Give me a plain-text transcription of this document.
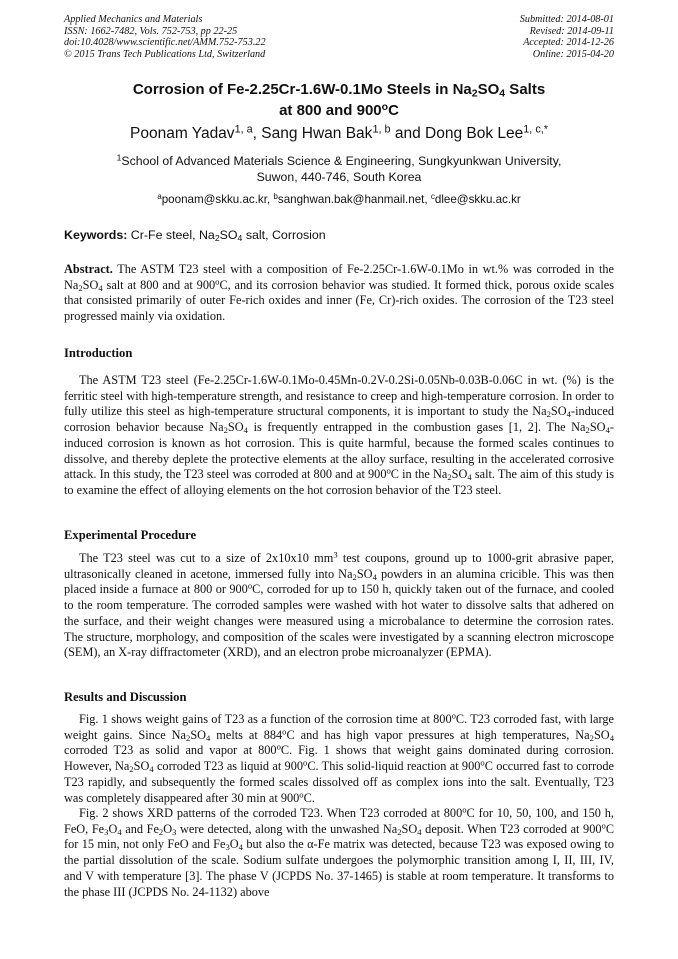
Applied Mechanics and Materials
ISSN: 1662-7482, Vols. 752-753, pp 22-25
doi:10.4028/www.scientific.net/AMM.752-753.22
© 2015 Trans Tech Publications Ltd, Switzerland
Submitted: 2014-08-01
Revised: 2014-09-11
Accepted: 2014-12-26
Online: 2015-04-20
Corrosion of Fe-2.25Cr-1.6W-0.1Mo Steels in $Na_2SO_4$ Salts
at 800 and 900$^o$C
Poonam Yadav$^{1, a}$, Sang Hwan Bak$^{1, b}$ and Dong Bok Lee$^{1, c,*}$
$^1$School of Advanced Materials Science & Engineering, Sungkyunkwan University,
Suwon, 440-746, South Korea
$^a$poonam@skku.ac.kr, $^b$sanghwan.bak@hanmail.net, $^c$dlee@skku.ac.kr
Keywords: Cr-Fe steel, $Na_2SO_4$ salt, Corrosion
Abstract. The ASTM T23 steel with a composition of Fe-2.25Cr-1.6W-0.1Mo in wt.% was corroded in the $Na_2SO_4$ salt at 800 and at 900$^o$C, and its corrosion behavior was studied. It formed thick, porous oxide scales that consisted primarily of outer Fe-rich oxides and inner (Fe, Cr)-rich oxides. The corrosion of the T23 steel progressed mainly via oxidation.
Introduction
The ASTM T23 steel (Fe-2.25Cr-1.6W-0.1Mo-0.45Mn-0.2V-0.2Si-0.05Nb-0.03B-0.06C in wt. (%) is the ferritic steel with high-temperature strength, and resistance to creep and high-temperature corrosion. In order to fully utilize this steel as high-temperature structural components, it is important to study the $Na_2SO_4$-induced corrosion behavior because $Na_2SO_4$ is frequently entrapped in the combustion gases [1, 2]. The $Na_2SO_4$-induced corrosion is known as hot corrosion. This is quite harmful, because the formed scales continues to dissolve, and thereby deplete the protective elements at the alloy surface, resulting in the accelerated corrosive attack. In this study, the T23 steel was corroded at 800 and at 900$^o$C in the $Na_2SO_4$ salt. The aim of this study is to examine the effect of alloying elements on the hot corrosion behavior of the T23 steel.
Experimental Procedure
The T23 steel was cut to a size of 2x10x10 $mm^3$ test coupons, ground up to 1000-grit abrasive paper, ultrasonically cleaned in acetone, immersed fully into $Na_2SO_4$ powders in an alumina cricible. This was then placed inside a furnace at 800 or 900$^o$C, corroded for up to 150 h, quickly taken out of the furnace, and cooled to the room temperature. The corroded samples were washed with hot water to dissolve salts that adhered on the surface, and their weight changes were measured using a microbalance to determine the corrosion rates. The structure, morphology, and composition of the scales were investigated by a scanning electron microscope (SEM), an X-ray diffractometer (XRD), and an electron probe microanalyzer (EPMA).
Results and Discussion
Fig. 1 shows weight gains of T23 as a function of the corrosion time at 800$^o$C. T23 corroded fast, with large weight gains. Since $Na_2SO_4$ melts at 884$^o$C and has high vapor pressures at high temperatures, $Na_2SO_4$ corroded T23 as solid and vapor at 800$^o$C. Fig. 1 shows that weight gains dominated during corrosion. However, $Na_2SO_4$ corroded T23 as liquid at 900$^o$C. This solid-liquid reaction at 900$^o$C occurred fast to corrode T23 rapidly, and subsequently the formed scales dissolved off as complex ions into the salt. Eventually, T23 was completely disappeared after 30 min at 900$^o$C.
Fig. 2 shows XRD patterns of the corroded T23. When T23 corroded at 800$^o$C for 10, 50, 100, and 150 h, FeO, $Fe_3O_4$ and $Fe_2O_3$ were detected, along with the unwashed $Na_2SO_4$ deposit. When T23 corroded at 900$^o$C for 15 min, not only FeO and $Fe_3O_4$ but also the α-Fe matrix was detected, because T23 was exposed owing to the partial dissolution of the scale. Sodium sulfate undergoes the polymorphic transition among I, II, III, IV, and V with temperature [3]. The phase V (JCPDS No. 37-1465) is stable at room temperature. It transforms to the phase III (JCPDS No. 24-1132) above
